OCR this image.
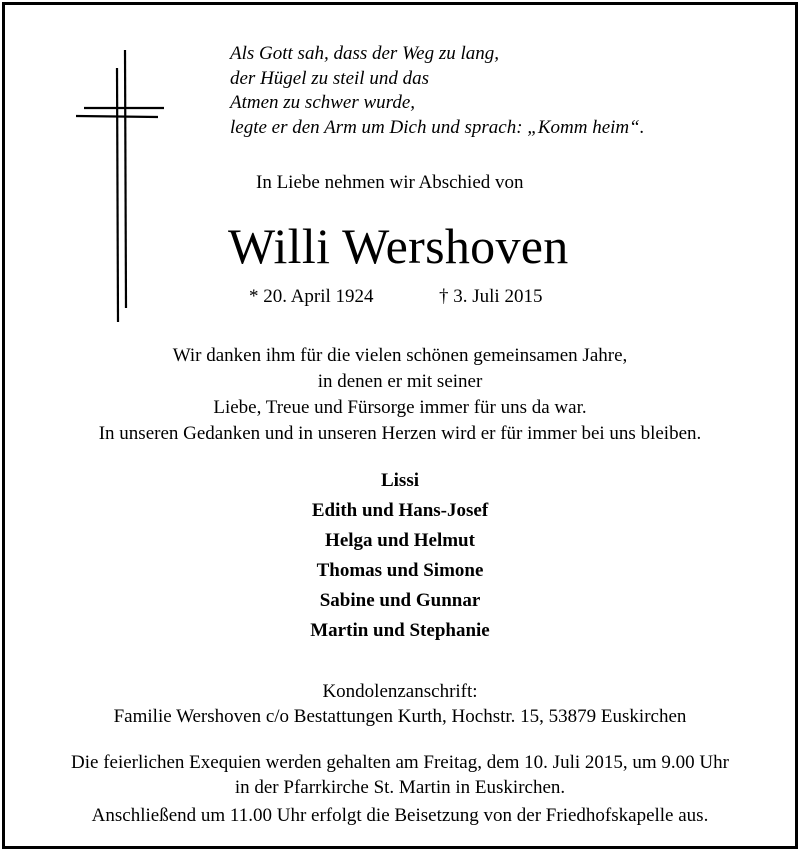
Als Gott sah, dass der Weg zu lang,
der Hügel zu steil und das
Atmen zu schwer wurde,
legte er den Arm um Dich und sprach: „Komm heim“.
In Liebe nehmen wir Abschied von
Willi Wershoven
* 20. April 1924	† 3. Juli 2015
Wir danken ihm für die vielen schönen gemeinsamen Jahre,
in denen er mit seiner
Liebe, Treue und Fürsorge immer für uns da war.
In unseren Gedanken und in unseren Herzen wird er für immer bei uns bleiben.
Lissi
Edith und Hans-Josef
Helga und Helmut
Thomas und Simone
Sabine und Gunnar
Martin und Stephanie
Kondolenzanschrift:
Familie Wershoven c/o Bestattungen Kurth, Hochstr. 15, 53879 Euskirchen
Die feierlichen Exequien werden gehalten am Freitag, dem 10. Juli 2015, um 9.00 Uhr
in der Pfarrkirche St. Martin in Euskirchen.
Anschließend um 11.00 Uhr erfolgt die Beisetzung von der Friedhofskapelle aus.
